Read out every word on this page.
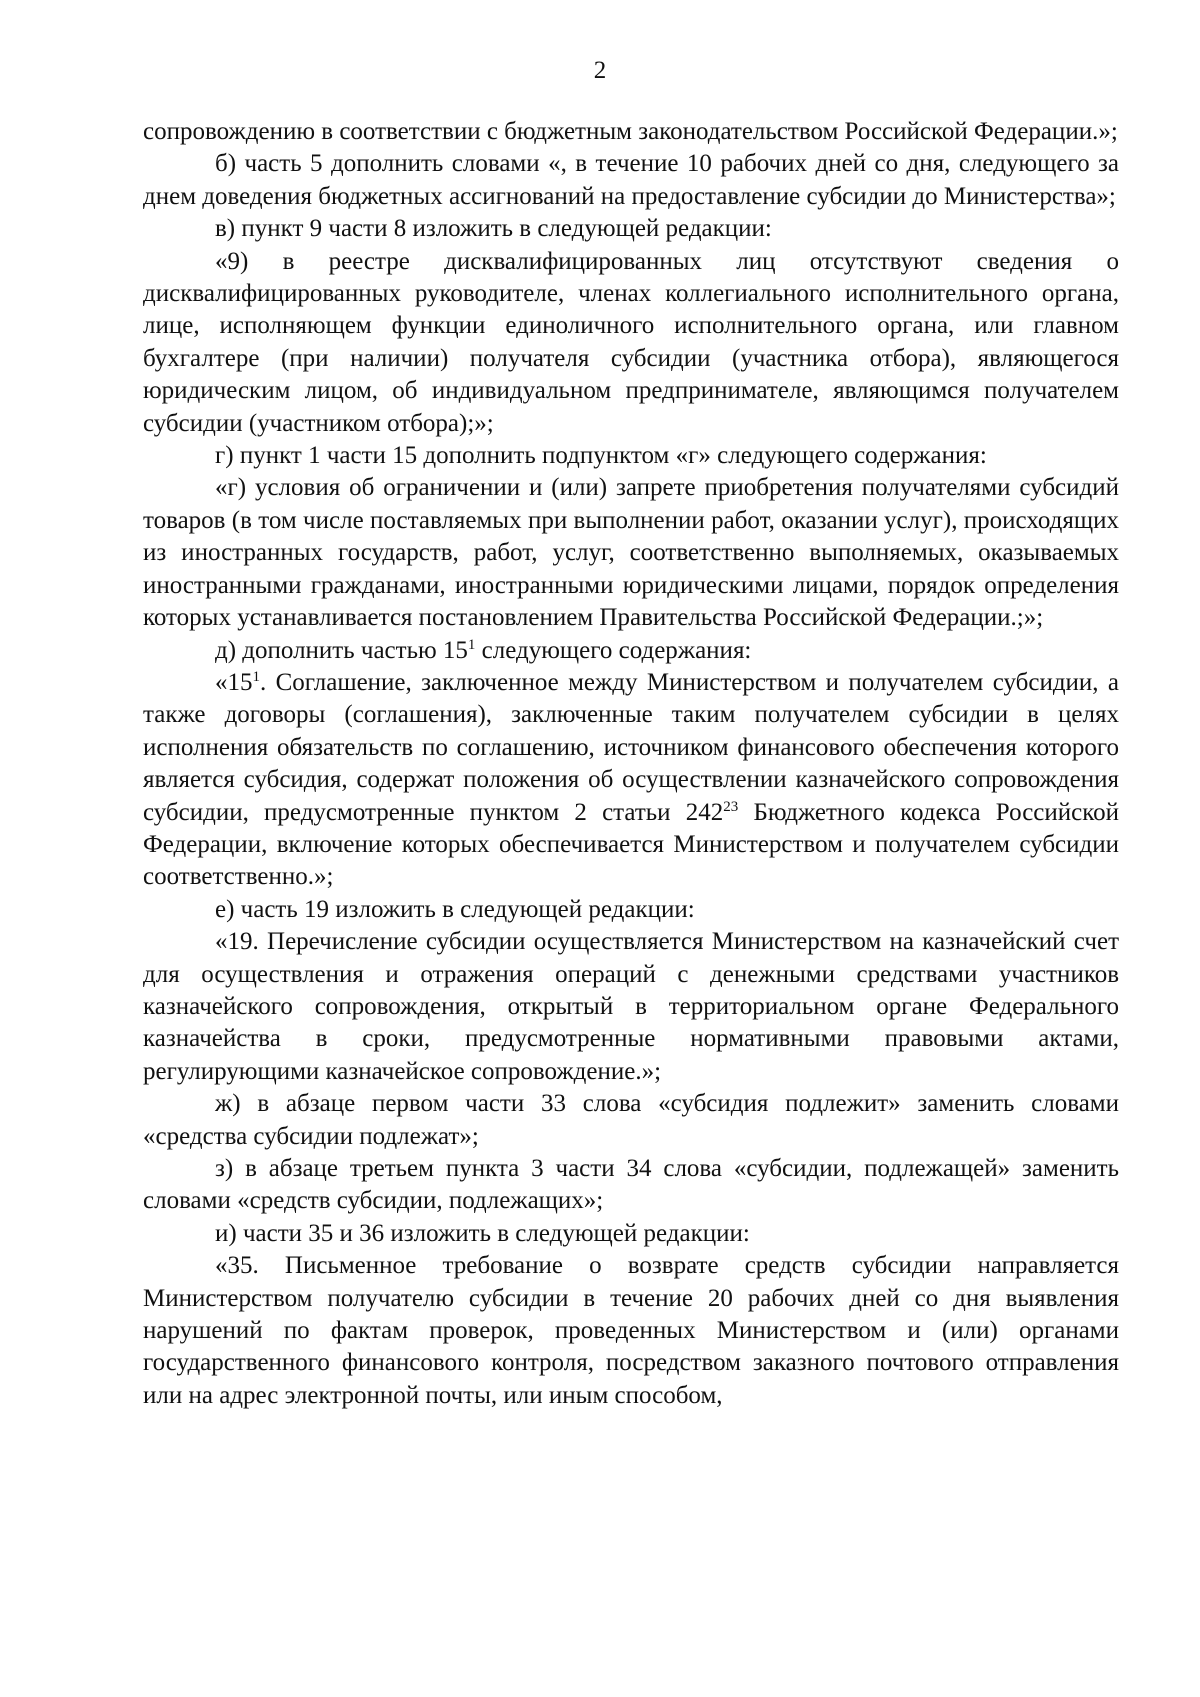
2

сопровождению в соответствии с бюджетным законодательством Российской Федерации.»;

б) часть 5 дополнить словами «, в течение 10 рабочих дней со дня, следующего за днем доведения бюджетных ассигнований на предоставление субсидии до Министерства»;

в) пункт 9 части 8 изложить в следующей редакции:

«9) в реестре дисквалифицированных лиц отсутствуют сведения о дисквалифицированных руководителе, членах коллегиального исполнительного органа, лице, исполняющем функции единоличного исполнительного органа, или главном бухгалтере (при наличии) получателя субсидии (участника отбора), являющегося юридическим лицом, об индивидуальном предпринимателе, являющимся получателем субсидии (участником отбора);»;

г) пункт 1 части 15 дополнить подпунктом «г» следующего содержания:

«г) условия об ограничении и (или) запрете приобретения получателями субсидий товаров (в том числе поставляемых при выполнении работ, оказании услуг), происходящих из иностранных государств, работ, услуг, соответственно выполняемых, оказываемых иностранными гражданами, иностранными юридическими лицами, порядок определения которых устанавливается постановлением Правительства Российской Федерации.;»;

д) дополнить частью $15^1$ следующего содержания:

«$15^1$. Соглашение, заключенное между Министерством и получателем субсидии, а также договоры (соглашения), заключенные таким получателем субсидии в целях исполнения обязательств по соглашению, источником финансового обеспечения которого является субсидия, содержат положения об осуществлении казначейского сопровождения субсидии, предусмотренные пунктом 2 статьи $242^{23}$ Бюджетного кодекса Российской Федерации, включение которых обеспечивается Министерством и получателем субсидии соответственно.»;

е) часть 19 изложить в следующей редакции:

«19. Перечисление субсидии осуществляется Министерством на казначейский счет для осуществления и отражения операций с денежными средствами участников казначейского сопровождения, открытый в территориальном органе Федерального казначейства в сроки, предусмотренные нормативными правовыми актами, регулирующими казначейское сопровождение.»;

ж) в абзаце первом части 33 слова «субсидия подлежит» заменить словами «средства субсидии подлежат»;

з) в абзаце третьем пункта 3 части 34 слова «субсидии, подлежащей» заменить словами «средств субсидии, подлежащих»;

и) части 35 и 36 изложить в следующей редакции:

«35. Письменное требование о возврате средств субсидии направляется Министерством получателю субсидии в течение 20 рабочих дней со дня выявления нарушений по фактам проверок, проведенных Министерством и (или) органами государственного финансового контроля, посредством заказного почтового отправления или на адрес электронной почты, или иным способом,
